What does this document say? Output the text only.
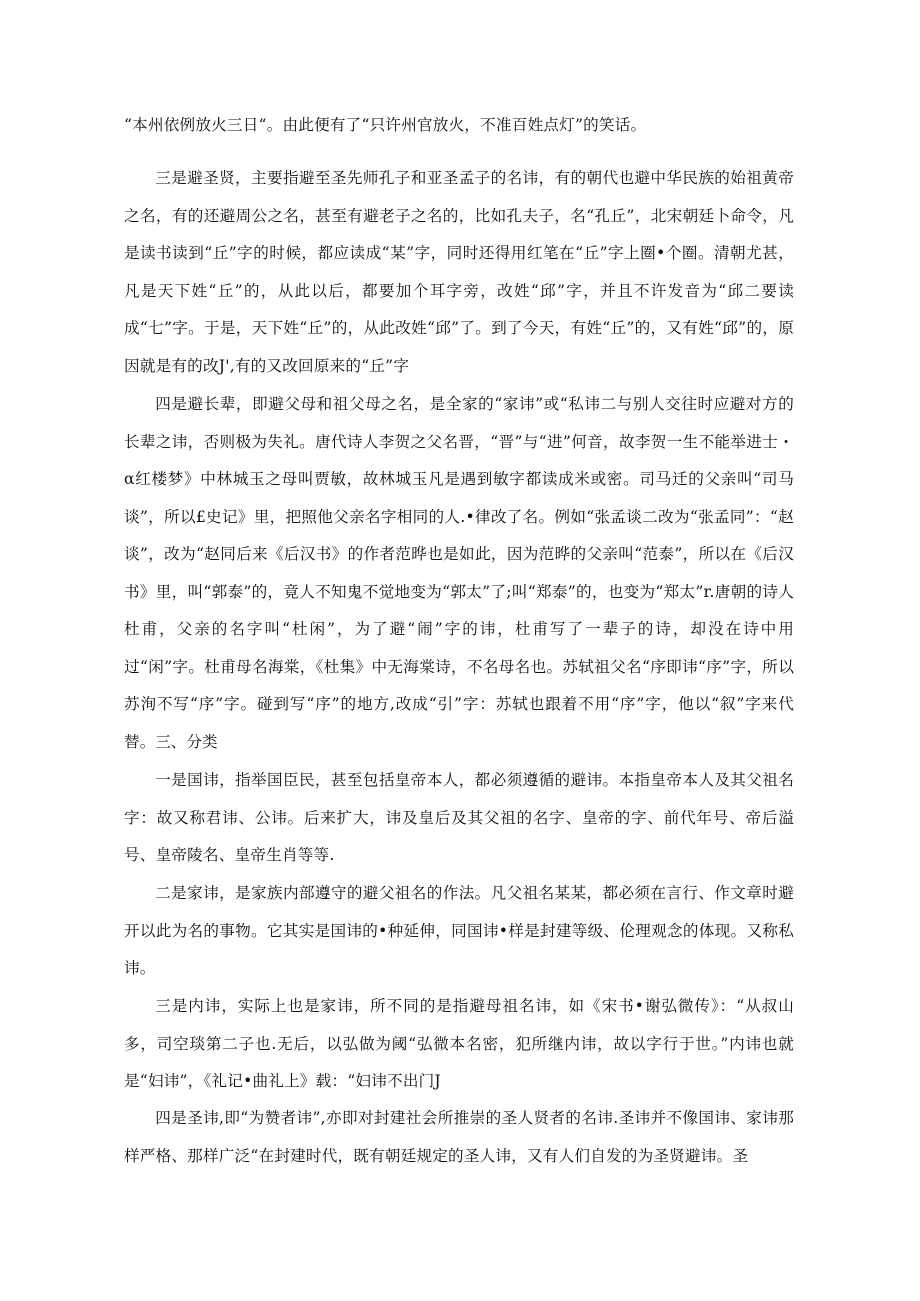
“本州依例放火三日“。由此便有了“只许州官放火，不准百姓点灯”的笑话。

三是避圣贤，主要指避至圣先师孔子和亚圣孟子的名讳，有的朝代也避中华民族的始祖黄帝之名，有的还避周公之名，甚至有避老子之名的，比如孔夫子，名“孔丘”，北宋朝廷卜命令，凡是读书读到“丘”字的时候，都应读成“某”字，同时还得用红笔在“丘”字上圈•个圈。清朝尤甚，凡是天下姓“丘”的，从此以后，都要加个耳字旁，改姓“邱”字，并且不许发音为“邱二要读成“七”字。于是，天下姓“丘”的，从此改姓“邱”了。到了今天，有姓“丘”的，又有姓“邱”的，原因就是有的改J',有的又改回原来的“丘”字

四是避长辈，即避父母和祖父母之名，是全家的“家讳”或“私讳二与别人交往时应避对方的长辈之讳，否则极为失礼。唐代诗人李贺之父名晋，“晋”与“进”何音，故李贺一生不能举进士・α红楼梦》中林城玉之母叫贾敏，故林城玉凡是遇到敏字都读成米或密。司马迁的父亲叫“司马谈”，所以£史记》里，把照他父亲名字相同的人.•律改了名。例如“张孟谈二改为“张孟同”：“赵谈”，改为“赵同后来《后汉书》的作者范晔也是如此，因为范晔的父亲叫“范泰”，所以在《后汉书》里，叫“郭泰”的，竟人不知鬼不觉地变为“郭太”了;叫“郑泰”的，也变为“郑太”r.唐朝的诗人杜甫，父亲的名字叫“杜闲”，为了避“闹”字的讳，杜甫写了一辈子的诗，却没在诗中用过“闲”字。杜甫母名海棠，《杜集》中无海棠诗，不名母名也。苏轼祖父名“序即讳“序”字，所以苏洵不写“序”字。碰到写“序”的地方,改成“引”字：苏轼也跟着不用“序”字，他以“叙”字来代替。 三、分类

一是国讳，指举国臣民，甚至包括皇帝本人，都必须遵循的避讳。本指皇帝本人及其父祖名字：故又称君讳、公讳。后来扩大，讳及皇后及其父祖的名字、皇帝的字、前代年号、帝后溢号、皇帝陵名、皇帝生肖等等.

二是家讳，是家族内部遵守的避父祖名的作法。凡父祖名某某，都必须在言行、作文章时避开以此为名的事物。它其实是国讳的•种延伸，同国讳•样是封建等级、伦理观念的体现。又称私讳。

三是内讳，实际上也是家讳，所不同的是指避母祖名讳，如《宋书•谢弘微传》：“从叔山多，司空琰第二子也.无后，以弘做为阈“弘微本名密，犯所继内讳，故以字行于世。”内讳也就是“妇讳”，《礼记•曲礼上》载：“妇讳不出门J

四是圣讳,即“为赞者讳”,亦即对封建社会所推崇的圣人贤者的名讳.圣讳并不像国讳、家讳那样严格、那样广泛“在封建时代，既有朝廷规定的圣人讳，又有人们自发的为圣贤避讳。圣
